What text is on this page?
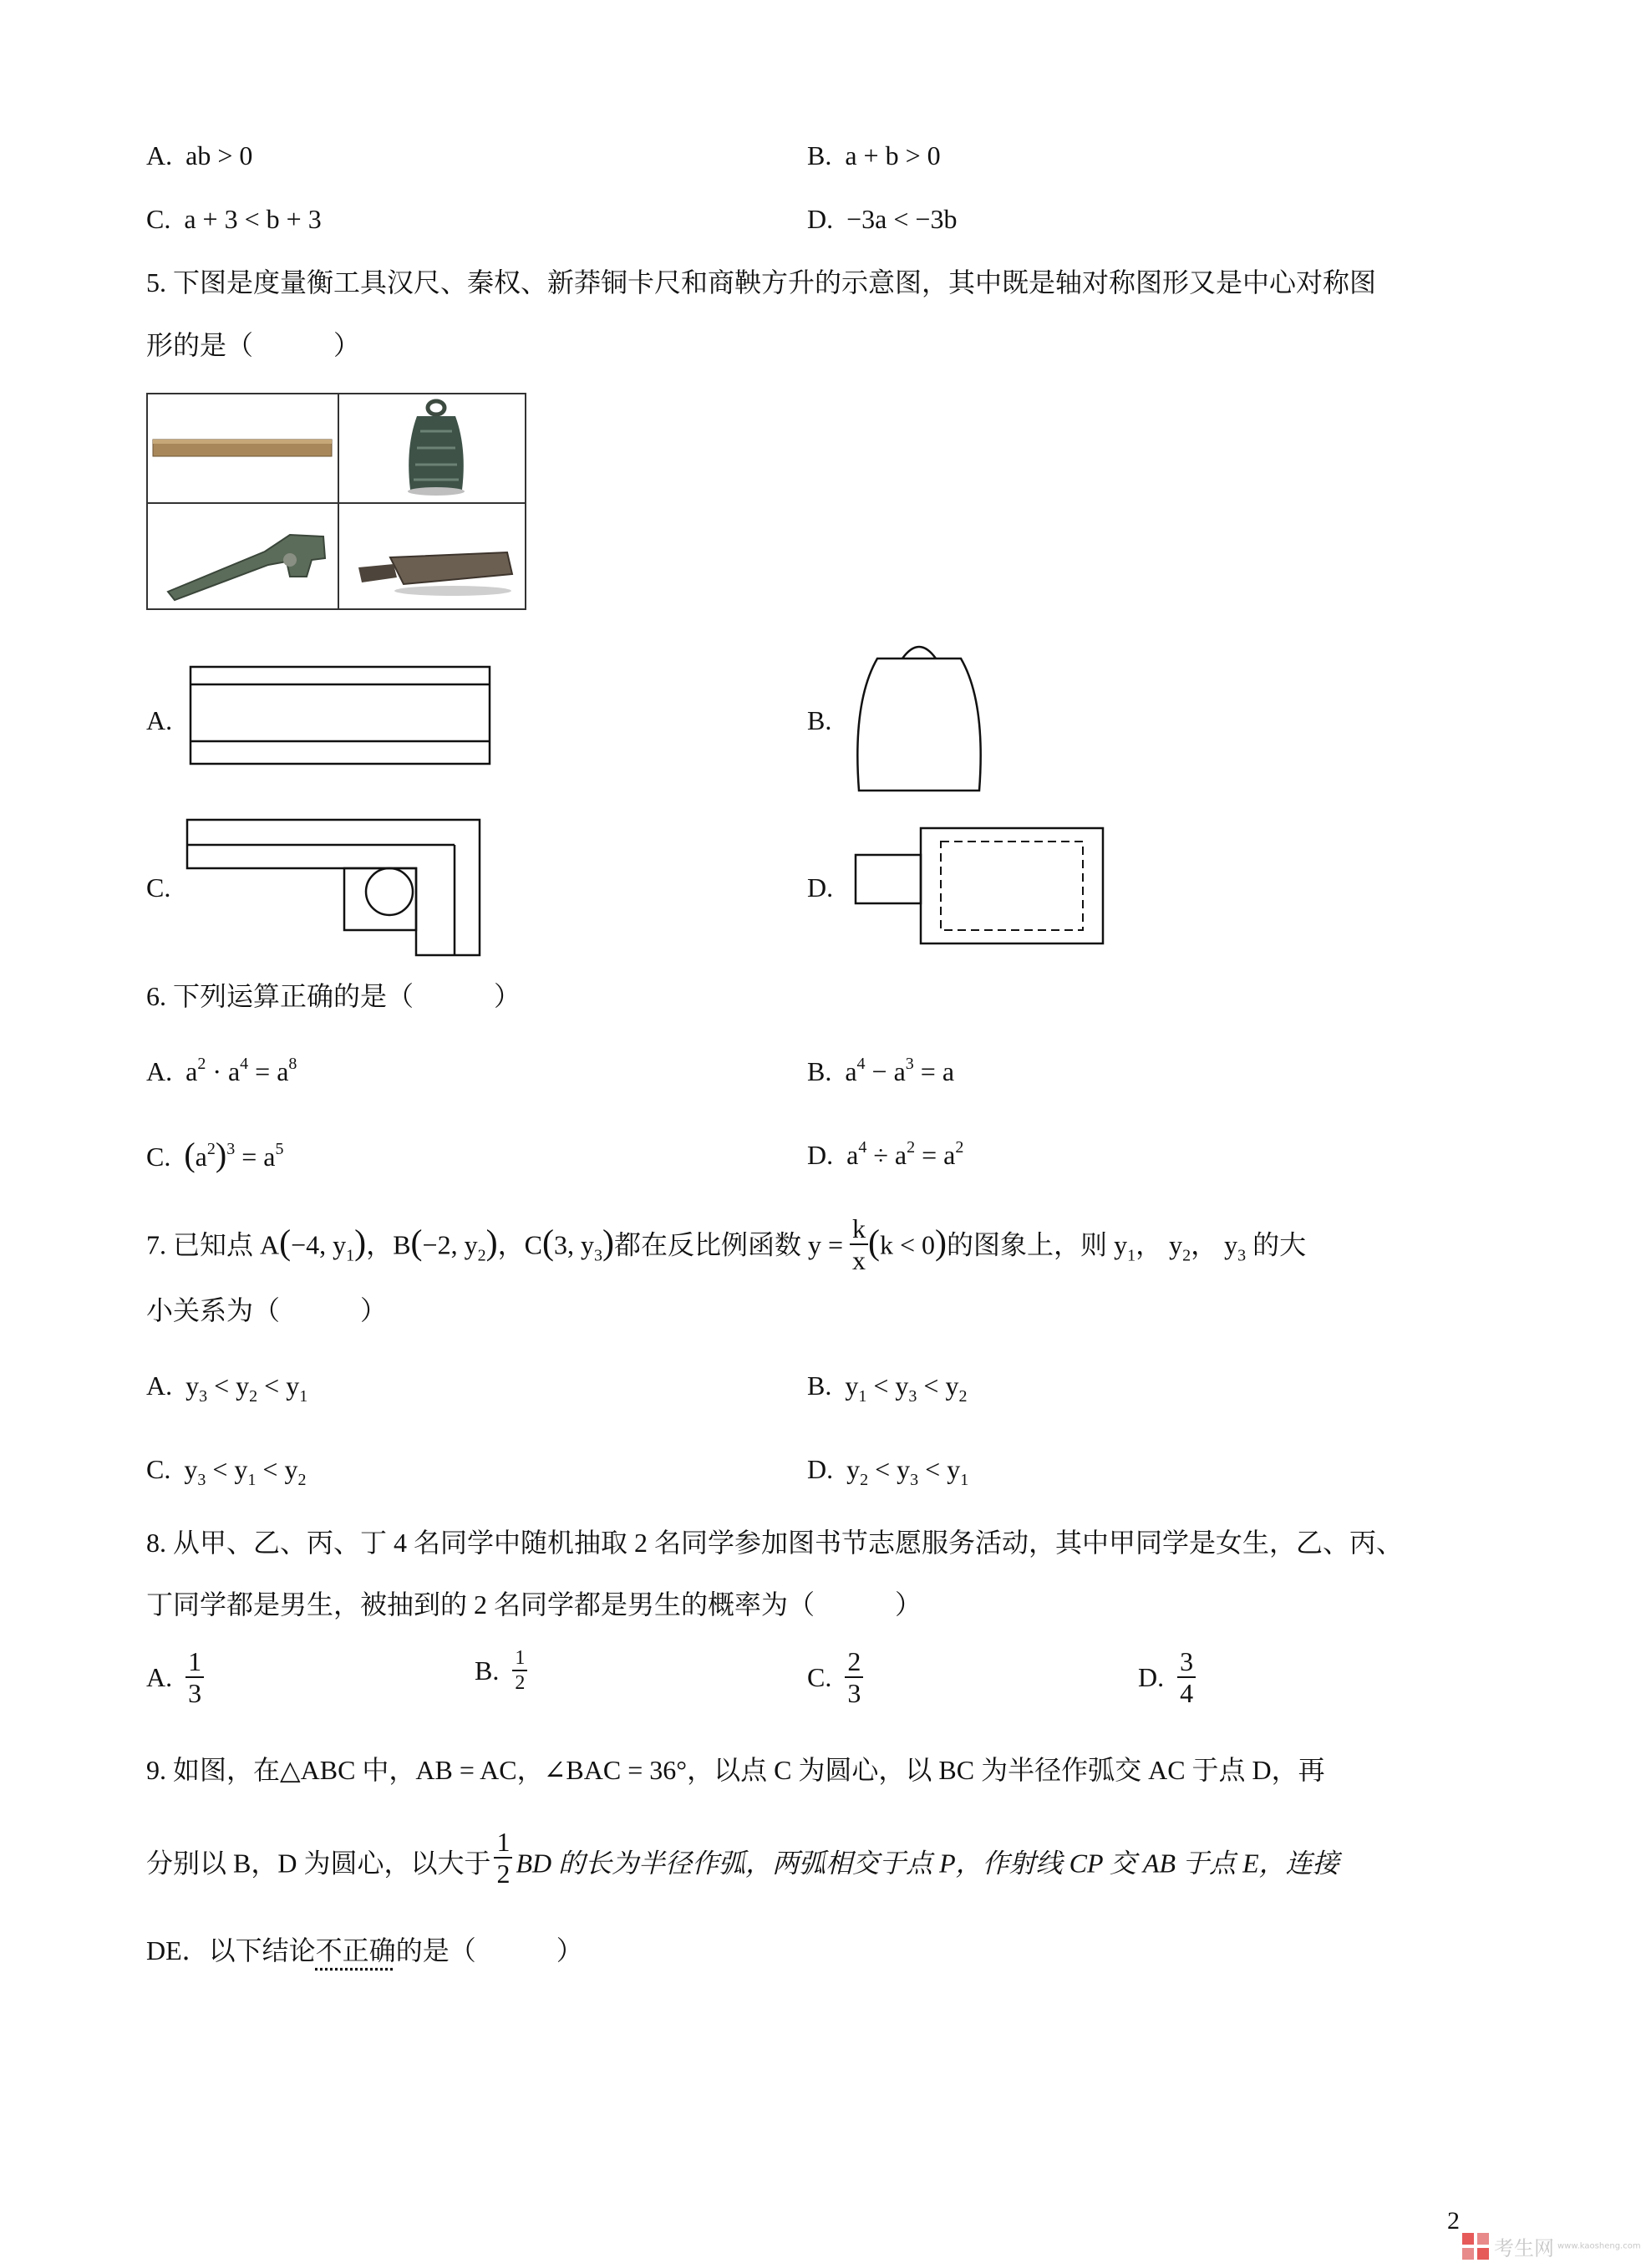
A. ab > 0	B. a + b > 0
C. a + 3 < b + 3	D. −3a < −3b
5. 下图是度量衡工具汉尺、秦权、新莽铜卡尺和商鞅方升的示意图，其中既是轴对称图形又是中心对称图
形的是（　　　）
A.	B.
C.	D.
6. 下列运算正确的是（　　　）
A.  $a^2 \cdot a^4 = a^8$	B.  $a^4 - a^3 = a$
C. $(a^2)^3 = a^5$	D.  $a^4 \div a^2 = a^2$
7. 已知点 A(−4, $y_1$)，B(−2, $y_2$)，C(3, $y_3$)都在反比例函数 $y = \frac{k}{x} (k < 0)$的图象上，则 $y_1$， $y_2$， $y_3$ 的大
小关系为（　　　）
A.  $y_3 < y_2 < y_1$	B.  $y_1 < y_3 < y_2$
C.  $y_3 < y_1 < y_2$	D.  $y_2 < y_3 < y_1$
8. 从甲、乙、丙、丁 4 名同学中随机抽取 2 名同学参加图书节志愿服务活动，其中甲同学是女生，乙、丙、
丁同学都是男生，被抽到的 2 名同学都是男生的概率为（　　　）
A. $\frac{1}{3}$	B. $\frac{1}{2}$	C. $\frac{2}{3}$	D. $\frac{3}{4}$
9. 如图，在△ABC 中，AB = AC，∠BAC = 36°，以点 C 为圆心，以 BC 为半径作弧交 AC 于点 D，再
分别以 B，D 为圆心，以大于 $\frac{1}{2}$ BD 的长为半径作弧，两弧相交于点 P，作射线 CP 交 AB 于点 E，连接
DE．以下结论不正确的是（　　　）
2
考生网 www.kaosheng.com
